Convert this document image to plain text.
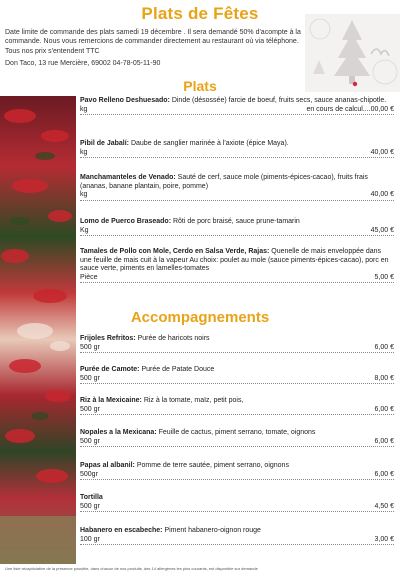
Plats de Fêtes
Date limite de commande des plats samedi 19 décembre . Il sera demandé 50% d'acompte à la commande. Nous vous remercions de commander directement au restaurant où via téléphone. Tous nos prix s'entendent TTC
Don Taco, 13 rue Mercière, 69002 04-78-05-11-90
Plats
Pavo Relleno Deshuesado: Dinde (désossée) farcie de boeuf, fruits secs, sauce ananas-chipotle.
kg	en cours de calcul....00,00 €
Pibil de Jabalí: Daube de sanglier marinée à l'axiote (épice Maya).
kg	40,00 €
Manchamanteles de Venado: Sauté de cerf, sauce mole (piments-épices-cacao), fruits frais (ananas, banane plantain, poire, pomme)
kg	40,00 €
Lomo de Puerco Braseado: Rôti de porc braisé, sauce prune-tamarin
Kg	45,00 €
Tamales de Pollo con Mole, Cerdo en Salsa Verde, Rajas: Quenelle de mais enveloppée dans une feuille de mais cuit à la vapeur Au choix: poulet au mole (sauce piments-épices-cacao), porc en sauce verte, piments en lamelles-tomates
Pièce	5,00 €
Accompagnements
Frijoles Refritos: Purée de haricots noirs
500 gr	6,00 €
Purée de Camote: Purée de Patate Douce
500 gr	8,00 €
Riz à la Mexicaine: Riz à la tomate, maïz, petit pois,
500 gr	6,00 €
Nopales a la Mexicana: Feuille de cactus, piment serrano, tomate, oignons
500 gr	6,00 €
Papas al albanil: Pomme de terre sautée, piment serrano, oignons
500gr	6,00 €
Tortilla
500 gr	4,50 €
Habanero en escabeche: Piment habanero-oignon rouge
100 gr	3,00 €
Une liste récapitulative de la présence possible, dans chacun de nos produits, des 14 allergènes les plus courants, est disponible sur demande
